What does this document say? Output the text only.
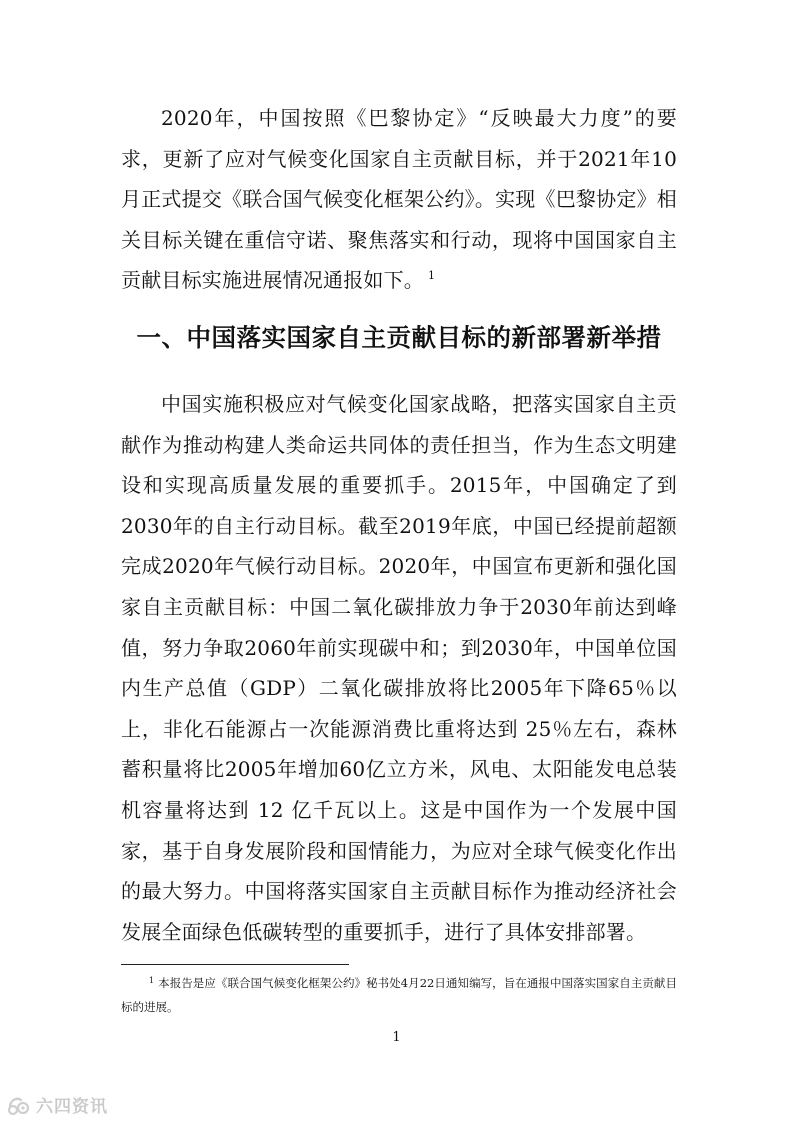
2020年，中国按照《巴黎协定》“反映最大力度”的要求，更新了应对气候变化国家自主贡献目标，并于2021年10月正式提交《联合国气候变化框架公约》。实现《巴黎协定》相关目标关键在重信守诺、聚焦落实和行动，现将中国国家自主贡献目标实施进展情况通报如下。 $^1$

一、中国落实国家自主贡献目标的新部署新举措

中国实施积极应对气候变化国家战略，把落实国家自主贡献作为推动构建人类命运共同体的责任担当，作为生态文明建设和实现高质量发展的重要抓手。2015年，中国确定了到2030年的自主行动目标。截至2019年底，中国已经提前超额完成2020年气候行动目标。2020年，中国宣布更新和强化国家自主贡献目标：中国二氧化碳排放力争于2030年前达到峰值，努力争取2060年前实现碳中和；到2030年，中国单位国内生产总值（GDP）二氧化碳排放将比2005年下降65％以上，非化石能源占一次能源消费比重将达到 25％左右，森林蓄积量将比2005年增加60亿立方米，风电、太阳能发电总装机容量将达到 12 亿千瓦以上。这是中国作为一个发展中国家，基于自身发展阶段和国情能力，为应对全球气候变化作出的最大努力。中国将落实国家自主贡献目标作为推动经济社会发展全面绿色低碳转型的重要抓手，进行了具体安排部署。

$^1$ 本报告是应《联合国气候变化框架公约》秘书处4月22日通知编写，旨在通报中国落实国家自主贡献目标的进展。

1
六四资讯
